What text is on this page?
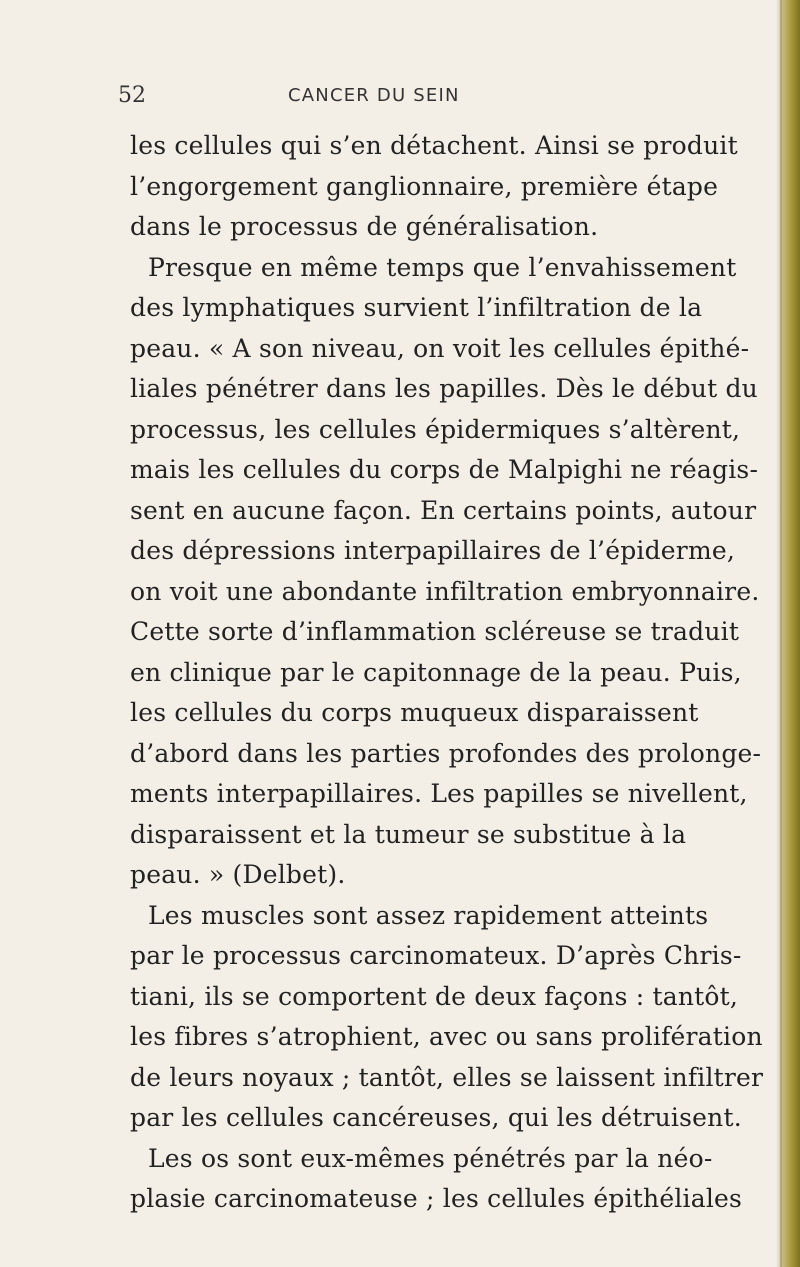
52	CANCER DU SEIN
les cellules qui s’en détachent. Ainsi se produit
l’engorgement ganglionnaire, première étape
dans le processus de généralisation.
Presque en même temps que l’envahissement
des lymphatiques survient l’infiltration de la
peau. « A son niveau, on voit les cellules épithé-
liales pénétrer dans les papilles. Dès le début du
processus, les cellules épidermiques s’altèrent,
mais les cellules du corps de Malpighi ne réagis-
sent en aucune façon. En certains points, autour
des dépressions interpapillaires de l’épiderme,
on voit une abondante infiltration embryonnaire.
Cette sorte d’inflammation scléreuse se traduit
en clinique par le capitonnage de la peau. Puis,
les cellules du corps muqueux disparaissent
d’abord dans les parties profondes des prolonge-
ments interpapillaires. Les papilles se nivellent,
disparaissent et la tumeur se substitue à la
peau. » (Delbet).
Les muscles sont assez rapidement atteints
par le processus carcinomateux. D’après Chris-
tiani, ils se comportent de deux façons : tantôt,
les fibres s’atrophient, avec ou sans prolifération
de leurs noyaux ; tantôt, elles se laissent infiltrer
par les cellules cancéreuses, qui les détruisent.
Les os sont eux-mêmes pénétrés par la néo-
plasie carcinomateuse ; les cellules épithéliales
